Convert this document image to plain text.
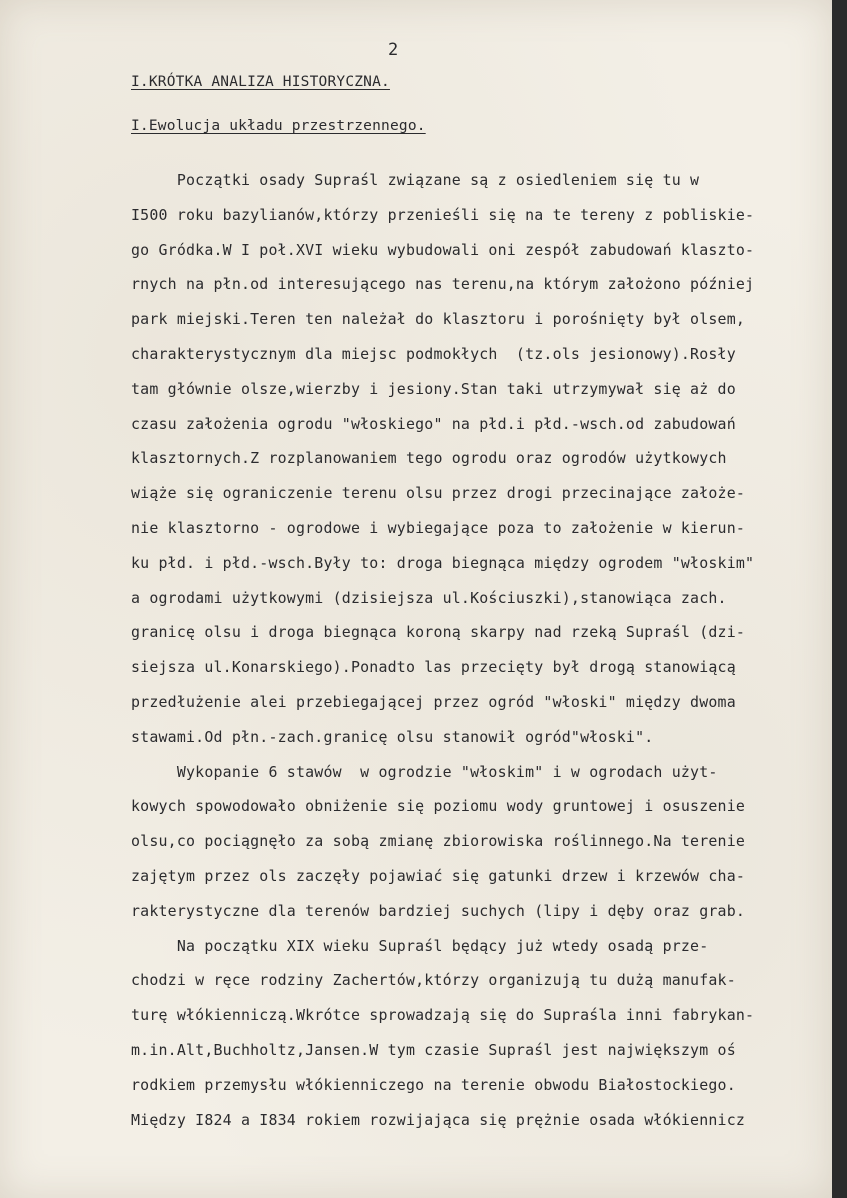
2
I.KRÓTKA ANALIZA HISTORYCZNA.
I.Ewolucja układu przestrzennego.
Początki osady Supraśl związane są z osiedleniem się tu w
I500 roku bazylianów,którzy przenieśli się na te tereny z pobliskie-
go Gródka.W I poł.XVI wieku wybudowali oni zespół zabudowań klaszto-
rnych na płn.od interesującego nas terenu,na którym założono później
park miejski.Teren ten należał do klasztoru i porośnięty był olsem,
charakterystycznym dla miejsc podmokłych  (tz.ols jesionowy).Rosły
tam głównie olsze,wierzby i jesiony.Stan taki utrzymywał się aż do
czasu założenia ogrodu "włoskiego" na płd.i płd.-wsch.od zabudowań
klasztornych.Z rozplanowaniem tego ogrodu oraz ogrodów użytkowych
wiąże się ograniczenie terenu olsu przez drogi przecinające założe-
nie klasztorno - ogrodowe i wybiegające poza to założenie w kierun-
ku płd. i płd.-wsch.Były to: droga biegnąca między ogrodem "włoskim"
a ogrodami użytkowymi (dzisiejsza ul.Kościuszki),stanowiąca zach.
granicę olsu i droga biegnąca koroną skarpy nad rzeką Supraśl (dzi-
siejsza ul.Konarskiego).Ponadto las przecięty był drogą stanowiącą
przedłużenie alei przebiegającej przez ogród "włoski" między dwoma
stawami.Od płn.-zach.granicę olsu stanowił ogród"włoski".
Wykopanie 6 stawów  w ogrodzie "włoskim" i w ogrodach użyt-
kowych spowodowało obniżenie się poziomu wody gruntowej i osuszenie
olsu,co pociągnęło za sobą zmianę zbiorowiska roślinnego.Na terenie
zajętym przez ols zaczęły pojawiać się gatunki drzew i krzewów cha-
rakterystyczne dla terenów bardziej suchych (lipy i dęby oraz grab.
Na początku XIX wieku Supraśl będący już wtedy osadą prze-
chodzi w ręce rodziny Zachertów,którzy organizują tu dużą manufak-
turę włókienniczą.Wkrótce sprowadzają się do Supraśla inni fabrykan-
m.in.Alt,Buchholtz,Jansen.W tym czasie Supraśl jest największym oś
rodkiem przemysłu włókienniczego na terenie obwodu Białostockiego.
Między I824 a I834 rokiem rozwijająca się prężnie osada włókiennicz
